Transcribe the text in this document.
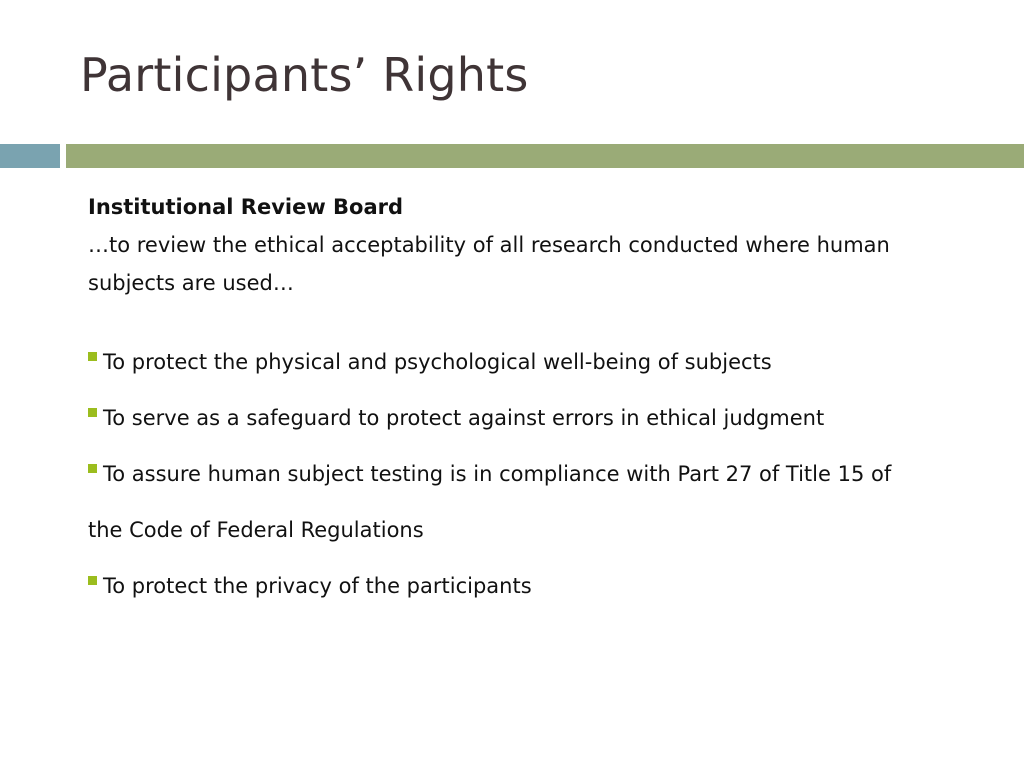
Participants’ Rights
Institutional Review Board
…to review the ethical acceptability of all research conducted where human subjects are used…
To protect the physical and psychological well-being of subjects
To serve as a safeguard to protect against errors in ethical judgment
To assure human subject testing is in compliance with Part 27 of Title 15 of the Code of Federal Regulations
To protect the privacy of the participants
